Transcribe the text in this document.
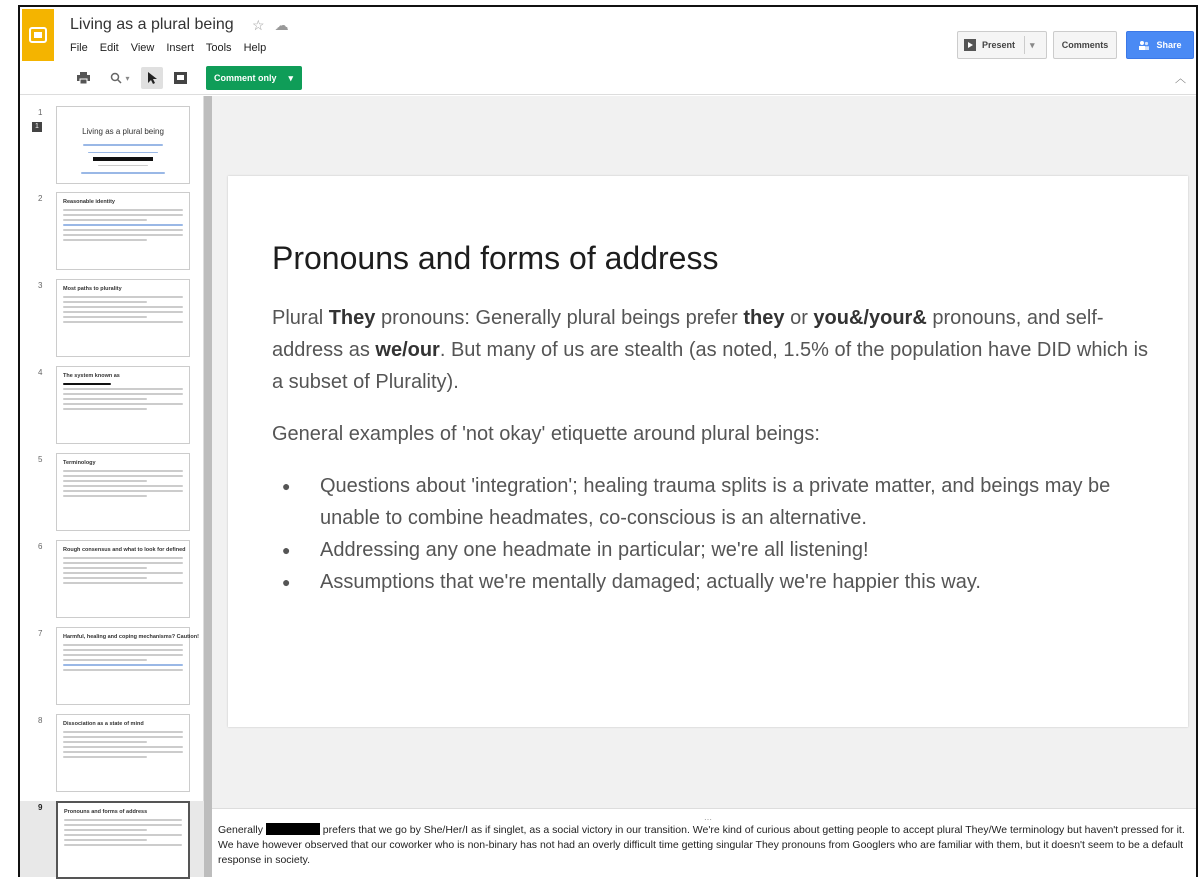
Living as a plural being ☆ ☁
File Edit View Insert Tools Help	Present ▾	Comments	Share
▾	Comment only ▾	︿
1
1
Living as a plural being
2	Reasonable identity
3	Most paths to plurality
4	The system known as
5	Terminology
6	Rough consensus and what to look for defined
7	Harmful, healing and coping mechanisms? Caution!
8	Dissociation as a state of mind
9	Pronouns and forms of address
Pronouns and forms of address

Plural They pronouns: Generally plural beings prefer they or you&/your& pronouns, and self-address as we/our. But many of us are stealth (as noted, 1.5% of the population have DID which is a subset of Plurality).

General examples of 'not okay' etiquette around plural beings:

● Questions about 'integration'; healing trauma splits is a private matter, and beings may be unable to combine headmates, co-conscious is an alternative.
● Addressing any one headmate in particular; we're all listening!
● Assumptions that we're mentally damaged; actually we're happier this way.
⋯
Generally	prefers that we go by She/Her/I as if singlet, as a social victory in our transition. We're kind of curious about getting people to accept plural They/We terminology but haven't pressed for it. We have however observed that our coworker who is non-binary has not had an overly difficult time getting singular They pronouns from Googlers who are familiar with them, but it doesn't seem to be a default response in society.
